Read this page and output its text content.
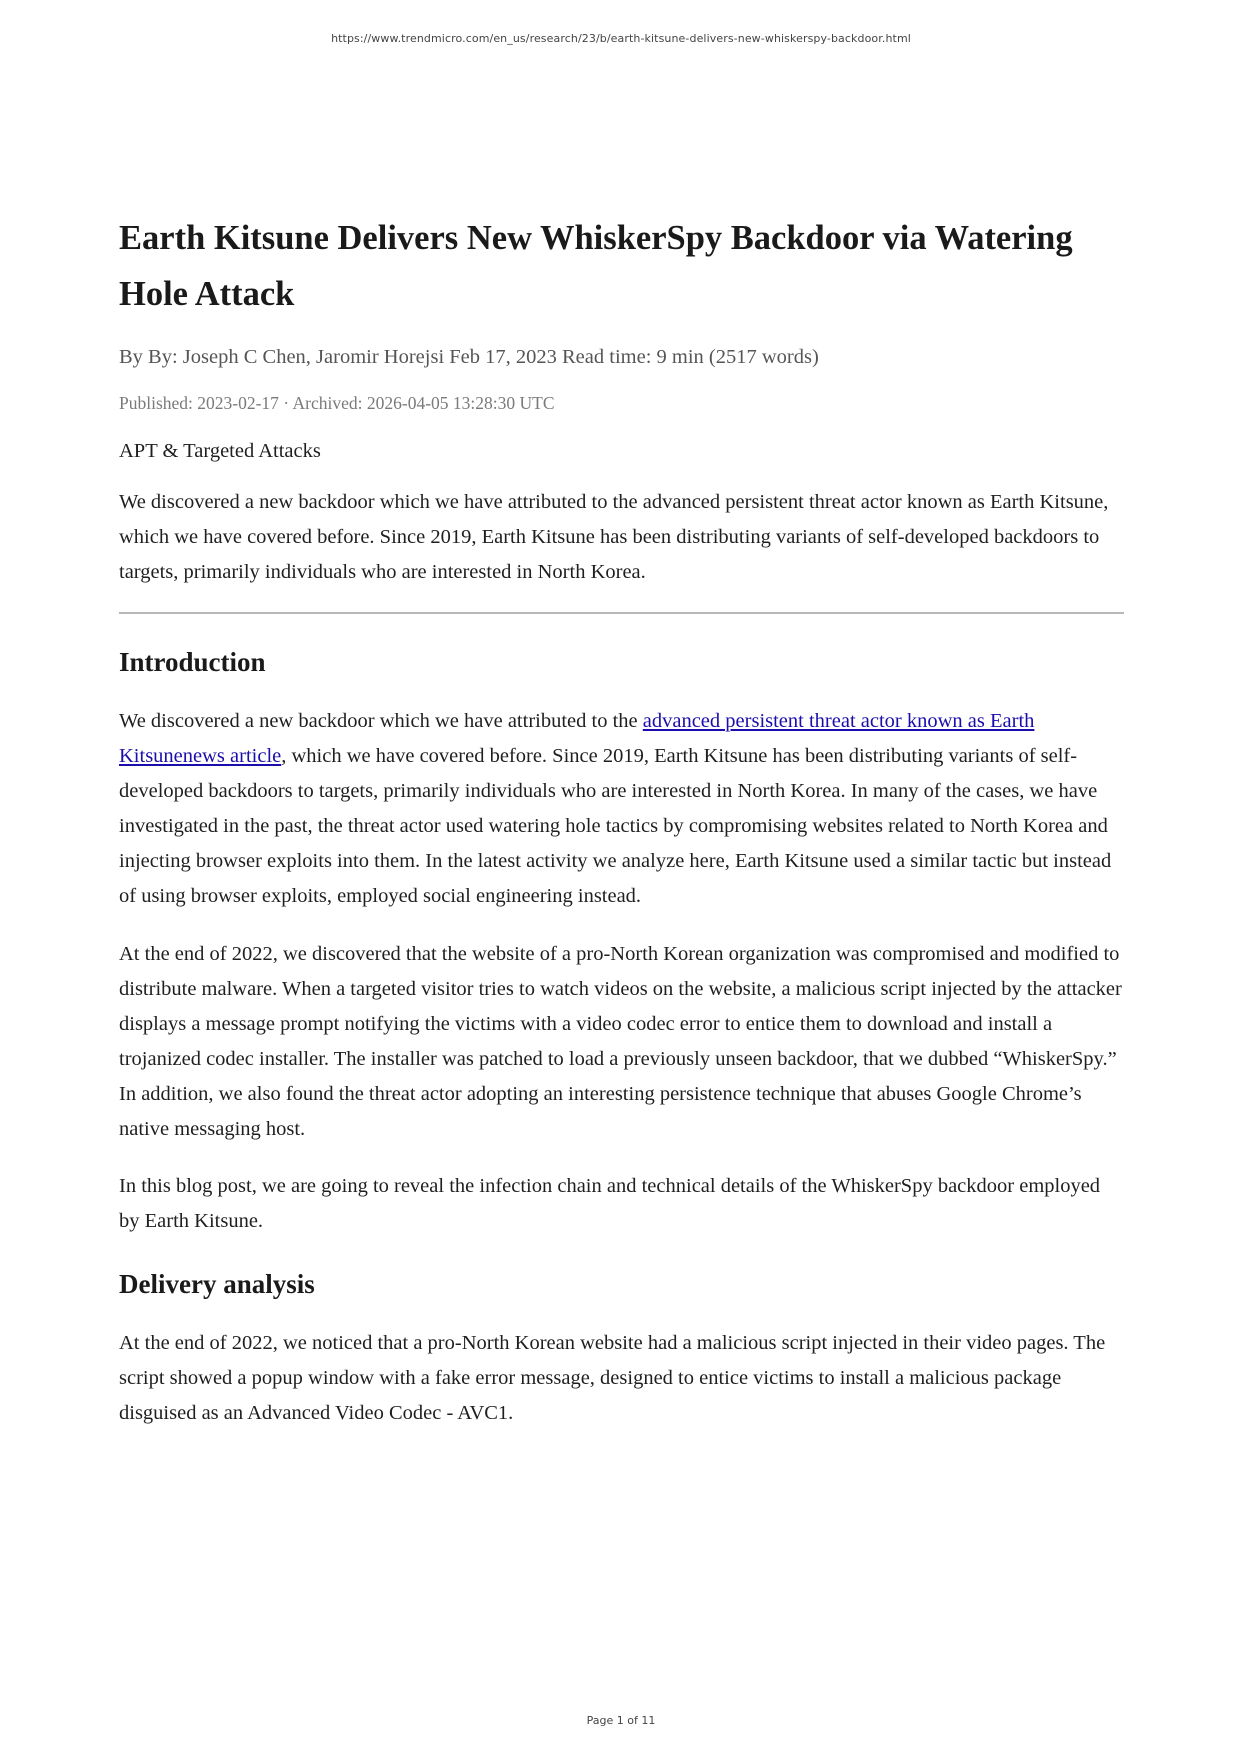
https://www.trendmicro.com/en_us/research/23/b/earth-kitsune-delivers-new-whiskerspy-backdoor.html
Earth Kitsune Delivers New WhiskerSpy Backdoor via Watering Hole Attack
By By: Joseph C Chen, Jaromir Horejsi Feb 17, 2023 Read time: 9 min (2517 words)
Published: 2023-02-17 · Archived: 2026-04-05 13:28:30 UTC
APT & Targeted Attacks

We discovered a new backdoor which we have attributed to the advanced persistent threat actor known as Earth Kitsune, which we have covered before. Since 2019, Earth Kitsune has been distributing variants of self-developed backdoors to targets, primarily individuals who are interested in North Korea.

Introduction

We discovered a new backdoor which we have attributed to the advanced persistent threat actor known as Earth Kitsunenews article, which we have covered before. Since 2019, Earth Kitsune has been distributing variants of self-developed backdoors to targets, primarily individuals who are interested in North Korea. In many of the cases, we have investigated in the past, the threat actor used watering hole tactics by compromising websites related to North Korea and injecting browser exploits into them. In the latest activity we analyze here, Earth Kitsune used a similar tactic but instead of using browser exploits, employed social engineering instead.

At the end of 2022, we discovered that the website of a pro-North Korean organization was compromised and modified to distribute malware. When a targeted visitor tries to watch videos on the website, a malicious script injected by the attacker displays a message prompt notifying the victims with a video codec error to entice them to download and install a trojanized codec installer. The installer was patched to load a previously unseen backdoor, that we dubbed “WhiskerSpy.” In addition, we also found the threat actor adopting an interesting persistence technique that abuses Google Chrome’s native messaging host.

In this blog post, we are going to reveal the infection chain and technical details of the WhiskerSpy backdoor employed by Earth Kitsune.

Delivery analysis

At the end of 2022, we noticed that a pro-North Korean website had a malicious script injected in their video pages. The script showed a popup window with a fake error message, designed to entice victims to install a malicious package disguised as an Advanced Video Codec - AVC1.

Page 1 of 11
